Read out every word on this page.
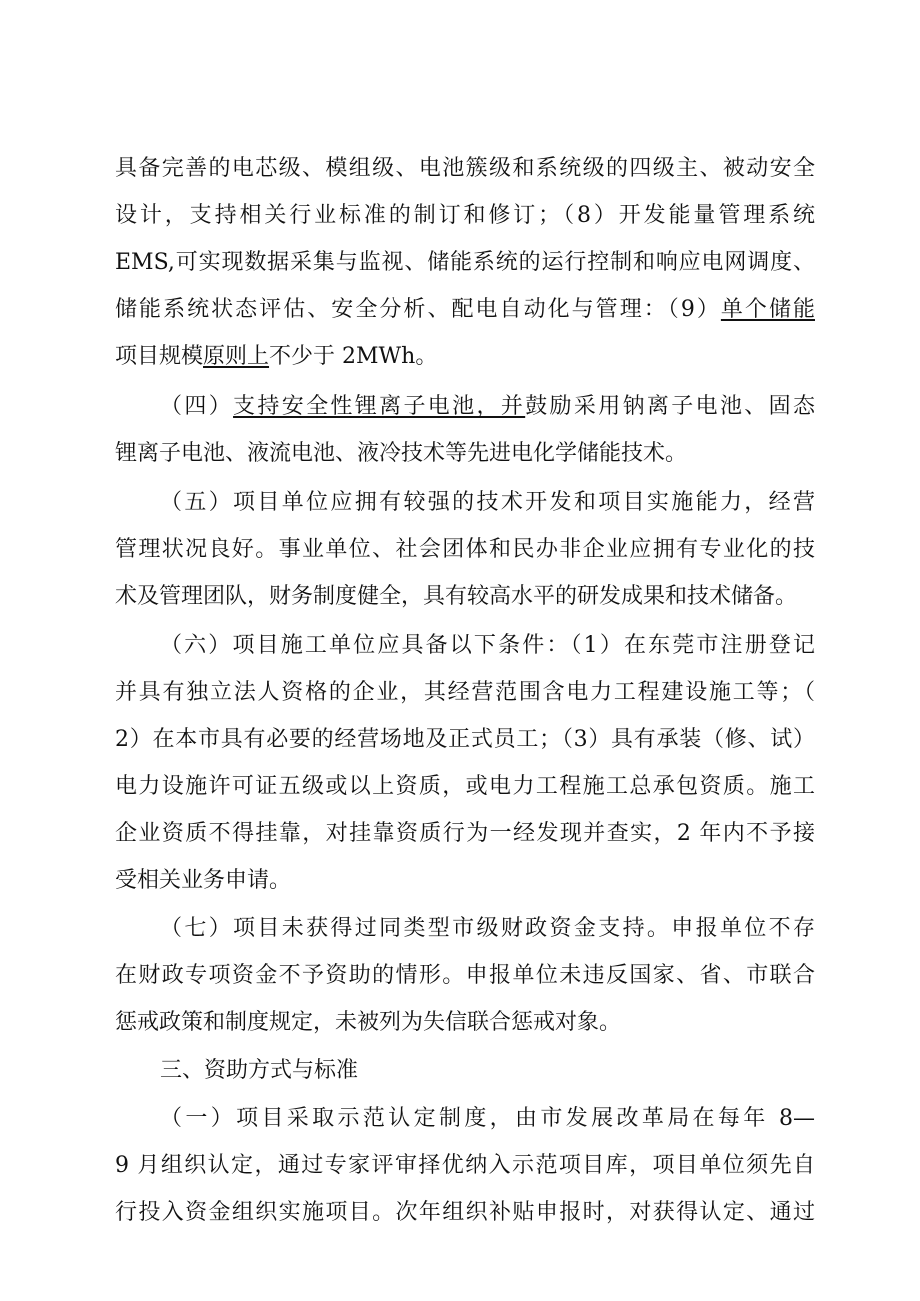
具备完善的电芯级、模组级、电池簇级和系统级的四级主、被动安全
设计，支持相关行业标准的制订和修订；（8）开发能量管理系统
EMS,可实现数据采集与监视、储能系统的运行控制和响应电网调度、
储能系统状态评估、安全分析、配电自动化与管理：（9）单个储能
项目规模原则上不少于 2MWh。
（四）支持安全性锂离子电池，并鼓励采用钠离子电池、固态
锂离子电池、液流电池、液冷技术等先进电化学储能技术。
（五）项目单位应拥有较强的技术开发和项目实施能力，经营
管理状况良好。事业单位、社会团体和民办非企业应拥有专业化的技
术及管理团队，财务制度健全，具有较高水平的研发成果和技术储备。
（六）项目施工单位应具备以下条件：（1）在东莞市注册登记
并具有独立法人资格的企业，其经营范围含电力工程建设施工等；（
2）在本市具有必要的经营场地及正式员工；（3）具有承装（修、试）
电力设施许可证五级或以上资质，或电力工程施工总承包资质。施工
企业资质不得挂靠，对挂靠资质行为一经发现并查实，2 年内不予接
受相关业务申请。
（七）项目未获得过同类型市级财政资金支持。申报单位不存
在财政专项资金不予资助的情形。申报单位未违反国家、省、市联合
惩戒政策和制度规定，未被列为失信联合惩戒对象。
三、资助方式与标准
（一）项目采取示范认定制度，由市发展改革局在每年 8—
9 月组织认定，通过专家评审择优纳入示范项目库，项目单位须先自
行投入资金组织实施项目。次年组织补贴申报时，对获得认定、通过
